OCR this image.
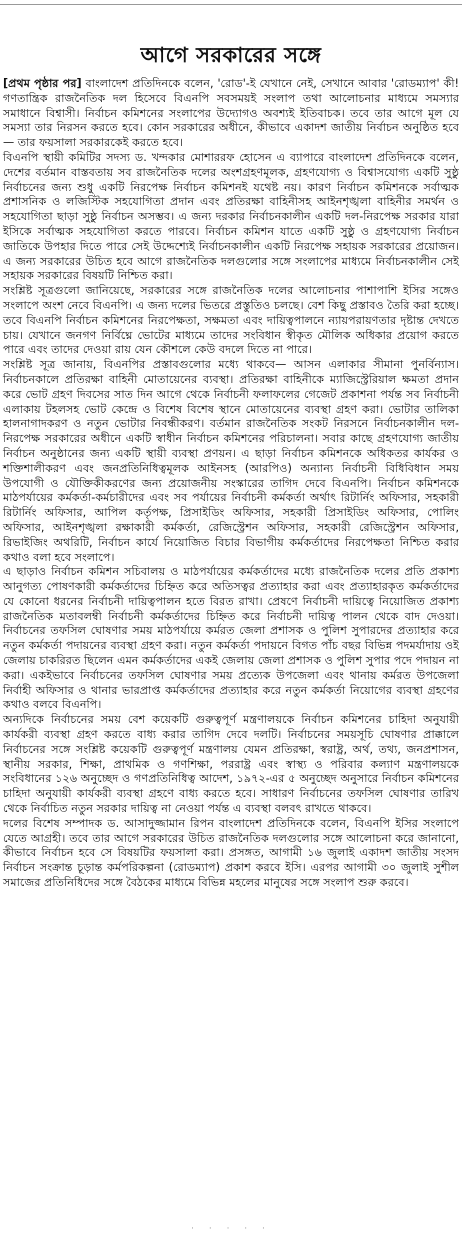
আগে সরকারের সঙ্গে

[প্রথম পৃষ্ঠার পর] বাংলাদেশ প্রতিদিনকে বলেন, 'রোড'-ই যেখানে নেই, সেখানে আবার 'রোডম্যাপ' কী! গণতান্ত্রিক রাজনৈতিক দল হিসেবে বিএনপি সবসময়ই সংলাপ তথা আলোচনার মাধ্যমে সমস্যার সমাধানে বিশ্বাসী। নির্বাচন কমিশনের সংলাপের উদ্যোগও অবশ্যই ইতিবাচক। তবে তার আগে মূল যে সমস্যা তার নিরসন করতে হবে। কোন সরকারের অধীনে, কীভাবে একাদশ জাতীয় নির্বাচন অনুষ্ঠিত হবে— তার ফয়সালা সরকারকেই করতে হবে।

বিএনপি স্থায়ী কমিটির সদস্য ড. খন্দকার মোশাররফ হোসেন এ ব্যাপারে বাংলাদেশ প্রতিদিনকে বলেন, দেশের বর্তমান বাস্তবতায় সব রাজনৈতিক দলের অংশগ্রহণমূলক, গ্রহণযোগ্য ও বিশ্বাসযোগ্য একটি সুষ্ঠু নির্বাচনের জন্য শুধু একটি নিরপেক্ষ নির্বাচন কমিশনই যথেষ্ট নয়। কারণ নির্বাচন কমিশনকে সর্বাত্মক প্রশাসনিক ও লজিস্টিক সহযোগিতা প্রদান এবং প্রতিরক্ষা বাহিনীসহ আইনশৃঙ্খলা বাহিনীর সমর্থন ও সহযোগিতা ছাড়া সুষ্ঠু নির্বাচন অসম্ভব। এ জন্য দরকার নির্বাচনকালীন একটি দল-নিরপেক্ষ সরকার যারা ইসিকে সর্বাত্মক সহযোগিতা করতে পারবে। নির্বাচন কমিশন যাতে একটি সুষ্ঠু ও গ্রহণযোগ্য নির্বাচন জাতিকে উপহার দিতে পারে সেই উদ্দেশ্যেই নির্বাচনকালীন একটি নিরপেক্ষ সহায়ক সরকারের প্রয়োজন। এ জন্য সরকারের উচিত হবে আগে রাজনৈতিক দলগুলোর সঙ্গে সংলাপের মাধ্যমে নির্বাচনকালীন সেই সহায়ক সরকারের বিষয়টি নিশ্চিত করা।

সংশ্লিষ্ট সূত্রগুলো জানিয়েছে, সরকারের সঙ্গে রাজনৈতিক দলের আলোচনার পাশাপাশি ইসির সঙ্গেও সংলাপে অংশ নেবে বিএনপি। এ জন্য দলের ভিতরে প্রস্তুতিও চলছে। বেশ কিছু প্রস্তাবও তৈরি করা হচ্ছে। তবে বিএনপি নির্বাচন কমিশনের নিরপেক্ষতা, সক্ষমতা এবং দায়িত্বপালনে ন্যায়পরায়ণতার দৃষ্টান্ত দেখতে চায়। যেখানে জনগণ নির্বিঘ্নে ভোটের মাধ্যমে তাদের সংবিধান স্বীকৃত মৌলিক অধিকার প্রয়োগ করতে পারে এবং তাদের দেওয়া রায় যেন কৌশলে কেউ বদলে দিতে না পারে।

সংশ্লিষ্ট সূত্র জানায়, বিএনপির প্রস্তাবগুলোর মধ্যে থাকবে— আসন এলাকার সীমানা পুনর্বিন্যাস। নির্বাচনকালে প্রতিরক্ষা বাহিনী মোতায়েনের ব্যবস্থা। প্রতিরক্ষা বাহিনীকে ম্যাজিস্ট্রেরিয়াল ক্ষমতা প্রদান করে ভোট গ্রহণ দিবসের সাত দিন আগে থেকে নির্বাচনী ফলাফলের গেজেট প্রকাশনা পর্যন্ত সব নির্বাচনী এলাকায় টহলসহ ভোট কেন্দ্রে ও বিশেষ বিশেষ স্থানে মোতায়েনের ব্যবস্থা গ্রহণ করা। ভোটার তালিকা হালনাগাদকরণ ও নতুন ভোটার নিবন্ধীকরণ। বর্তমান রাজনৈতিক সংকট নিরসনে নির্বাচনকালীন দল-নিরপেক্ষ সরকারের অধীনে একটি স্বাধীন নির্বাচন কমিশনের পরিচালনা। সবার কাছে গ্রহণযোগ্য জাতীয় নির্বাচন অনুষ্ঠানের জন্য একটি স্থায়ী ব্যবস্থা প্রণয়ন। এ ছাড়া নির্বাচন কমিশনকে অধিকতর কার্যকর ও শক্তিশালীকরণ এবং জনপ্রতিনিধিত্বমূলক আইনসহ (আরপিও) অন্যান্য নির্বাচনী বিধিবিধান সময় উপযোগী ও যৌক্তিকীকরণের জন্য প্রয়োজনীয় সংস্কারের তাগিদ দেবে বিএনপি। নির্বাচন কমিশনকে মাঠপর্যায়ের কর্মকর্তা-কর্মচারীদের এবং সব পর্যায়ের নির্বাচনী কর্মকর্তা অর্থাৎ রিটার্নিং অফিসার, সহকারী রিটার্নিং অফিসার, আপিল কর্তৃপক্ষ, প্রিসাইডিং অফিসার, সহকারী প্রিসাইডিং অফিসার, পোলিং অফিসার, আইনশৃঙ্খলা রক্ষাকারী কর্মকর্তা, রেজিস্ট্রেশন অফিসার, সহকারী রেজিস্ট্রেশন অফিসার, রিভাইজিং অথরিটি, নির্বাচন কার্যে নিয়োজিত বিচার বিভাগীয় কর্মকর্তাদের নিরপেক্ষতা নিশ্চিত করার কথাও বলা হবে সংলাপে।

এ ছাড়াও নির্বাচন কমিশন সচিবালয় ও মাঠপর্যায়ের কর্মকর্তাদের মধ্যে রাজনৈতিক দলের প্রতি প্রকাশ্য আনুগত্য পোষণকারী কর্মকর্তাদের চিহ্নিত করে অতিসত্বর প্রত্যাহার করা এবং প্রত্যাহারকৃত কর্মকর্তাদের যে কোনো ধরনের নির্বাচনী দায়িত্বপালন হতে বিরত রাখা। প্রেষণে নির্বাচনী দায়িত্বে নিয়োজিত প্রকাশ্য রাজনৈতিক মতাবলম্বী নির্বাচনী কর্মকর্তাদের চিহ্নিত করে নির্বাচনী দায়িত্ব পালন থেকে বাদ দেওয়া। নির্বাচনের তফসিল ঘোষণার সময় মাঠপর্যায়ে কর্মরত জেলা প্রশাসক ও পুলিশ সুপারদের প্রত্যাহার করে নতুন কর্মকর্তা পদায়নের ব্যবস্থা গ্রহণ করা। নতুন কর্মকর্তা পদায়নে বিগত পাঁচ বছর বিভিন্ন পদমর্যাদায় ওই জেলায় চাকরিরত ছিলেন এমন কর্মকর্তাদের একই জেলায় জেলা প্রশাসক ও পুলিশ সুপার পদে পদায়ন না করা। একইভাবে নির্বাচনের তফসিল ঘোষণার সময় প্রত্যেক উপজেলা এবং থানায় কর্মরত উপজেলা নির্বাহী অফিসার ও থানার ভারপ্রাপ্ত কর্মকর্তাদের প্রত্যাহার করে নতুন কর্মকর্তা নিয়োগের ব্যবস্থা গ্রহণের কথাও বলবে বিএনপি।

অন্যদিকে নির্বাচনের সময় বেশ কয়েকটি গুরুত্বপূর্ণ মন্ত্রণালয়কে নির্বাচন কমিশনের চাহিদা অনুযায়ী কার্যকরী ব্যবস্থা গ্রহণ করতে বাধ্য করার তাগিদ দেবে দলটি। নির্বাচনের সময়সূচি ঘোষণার প্রাক্কালে নির্বাচনের সঙ্গে সংশ্লিষ্ট কয়েকটি গুরুত্বপূর্ণ মন্ত্রণালয় যেমন প্রতিরক্ষা, স্বরাষ্ট্র, অর্থ, তথ্য, জনপ্রশাসন, স্থানীয় সরকার, শিক্ষা, প্রাথমিক ও গণশিক্ষা, পররাষ্ট্র এবং স্বাস্থ্য ও পরিবার কল্যাণ মন্ত্রণালয়কে সংবিধানের ১২৬ অনুচ্ছেদ ও গণপ্রতিনিধিত্ব আদেশ, ১৯৭২-এর ৫ অনুচ্ছেদ অনুসারে নির্বাচন কমিশনের চাহিদা অনুযায়ী কার্যকরী ব্যবস্থা গ্রহণে বাধ্য করতে হবে। সাধারণ নির্বাচনের তফসিল ঘোষণার তারিখ থেকে নির্বাচিত নতুন সরকার দায়িত্ব না নেওয়া পর্যন্ত এ ব্যবস্থা বলবৎ রাখতে থাকবে।

দলের বিশেষ সম্পাদক ড. আসাদুজ্জামান রিপন বাংলাদেশ প্রতিদিনকে বলেন, বিএনপি ইসির সংলাপে যেতে আগ্রহী। তবে তার আগে সরকারের উচিত রাজনৈতিক দলগুলোর সঙ্গে আলোচনা করে জানানো, কীভাবে নির্বাচন হবে সে বিষয়টির ফয়সালা করা। প্রসঙ্গত, আগামী ১৬ জুলাই একাদশ জাতীয় সংসদ নির্বাচন সংক্রান্ত চূড়ান্ত কর্মপরিকল্পনা (রোডম্যাপ) প্রকাশ করবে ইসি। এরপর আগামী ৩০ জুলাই সুশীল সমাজের প্রতিনিধিদের সঙ্গে বৈঠকের মাধ্যমে বিভিন্ন মহলের মানুষের সঙ্গে সংলাপ শুরু করবে।

· · · · ·
